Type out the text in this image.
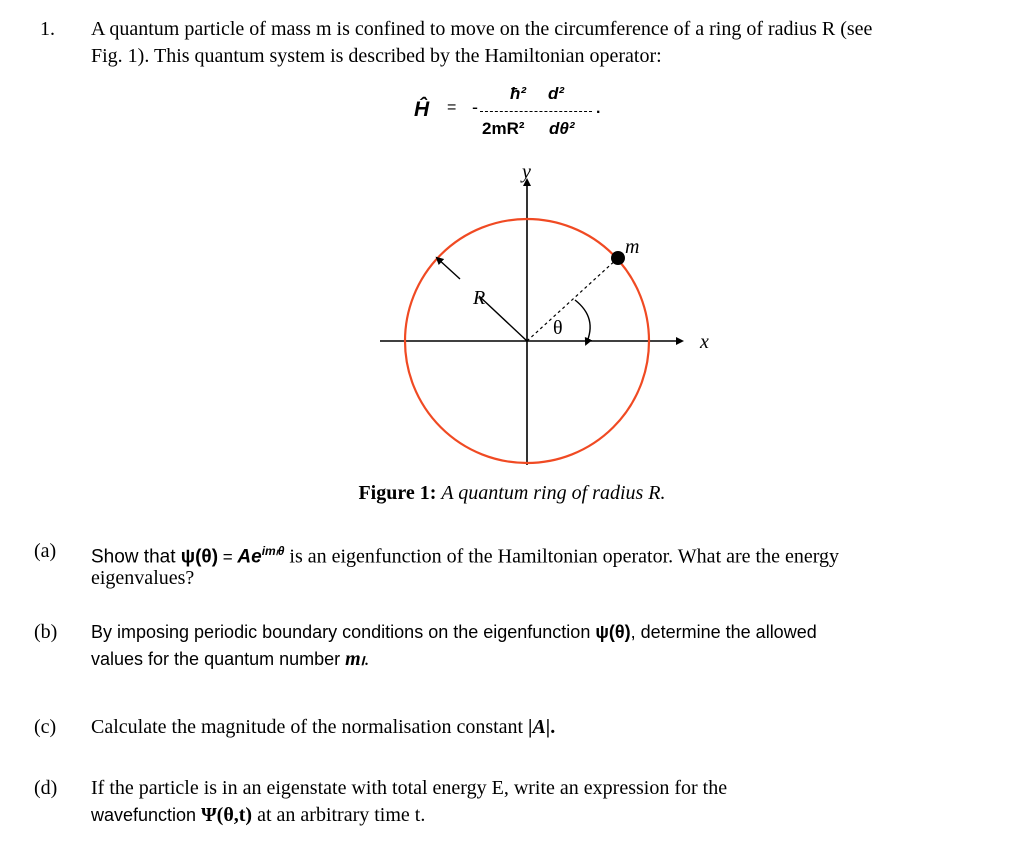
1. A quantum particle of mass m is confined to move on the circumference of a ring of radius R (see
Fig. 1). This quantum system is described by the Hamiltonian operator:
Ĥ = -
ħ² d²
2mR² dθ²
.
y
x
R
m
θ
Figure 1: A quantum ring of radius R.
(a) Show that $\psi(\theta) = Ae^{im_l\theta}$ is an eigenfunction of the Hamiltonian operator. What are the energy
eigenvalues?
(b) By imposing periodic boundary conditions on the eigenfunction ψ(θ), determine the allowed
values for the quantum number mₗ.
(c) Calculate the magnitude of the normalisation constant |A|.
(d) If the particle is in an eigenstate with total energy E, write an expression for the
wavefunction Ψ(θ,t) at an arbitrary time t.
